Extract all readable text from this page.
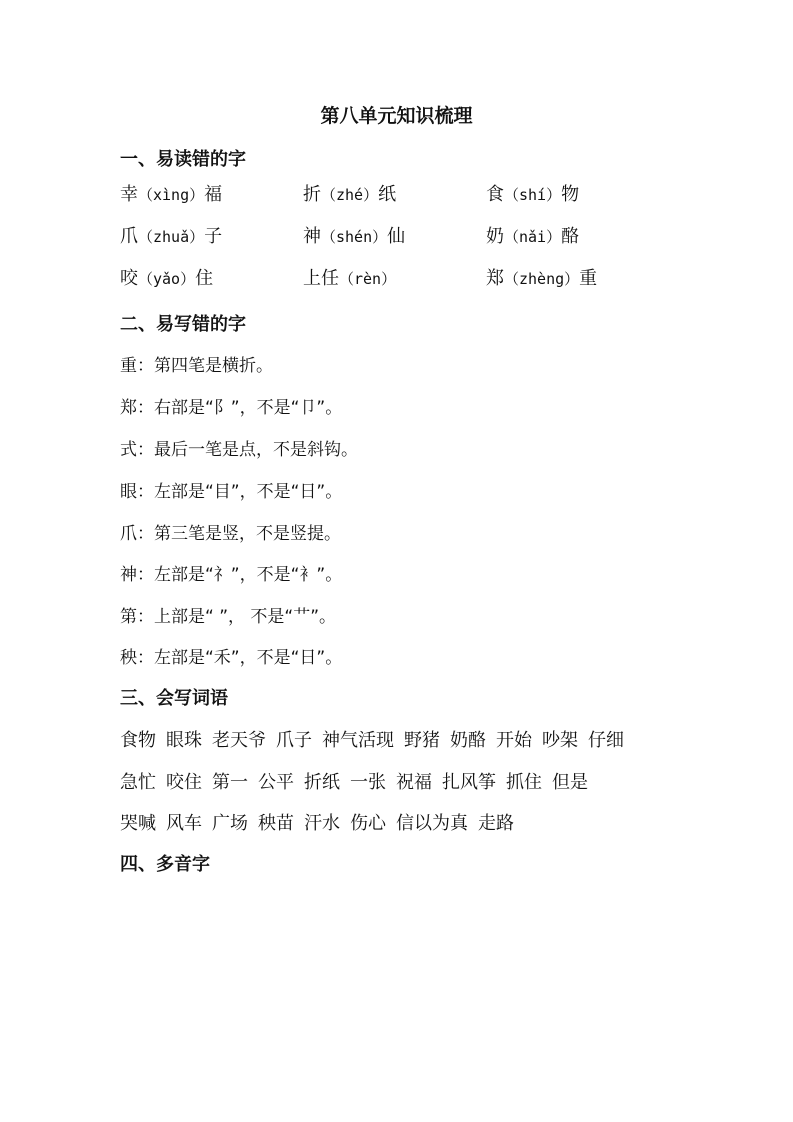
第八单元知识梳理
一、易读错的字
幸（xìng）福	折（zhé）纸	食（shí）物
爪（zhuǎ）子	神（shén）仙	奶（nǎi）酪
咬（yǎo）住	上任（rèn）	郑（zhèng）重
二、易写错的字
重：第四笔是横折。
郑：右部是“阝”，不是“卩”。
式：最后一笔是点，不是斜钩。
眼：左部是“目”，不是“日”。
爪：第三笔是竖，不是竖提。
神：左部是“礻”，不是“衤”。
第：上部是“ ”， 不是“艹”。
秧：左部是“禾”，不是“日”。
三、会写词语
食物 眼珠 老天爷 爪子 神气活现 野猪 奶酪 开始 吵架 仔细
急忙 咬住 第一 公平 折纸 一张 祝福 扎风筝 抓住 但是
哭喊 风车 广场 秧苗 汗水 伤心 信以为真 走路
四、多音字
